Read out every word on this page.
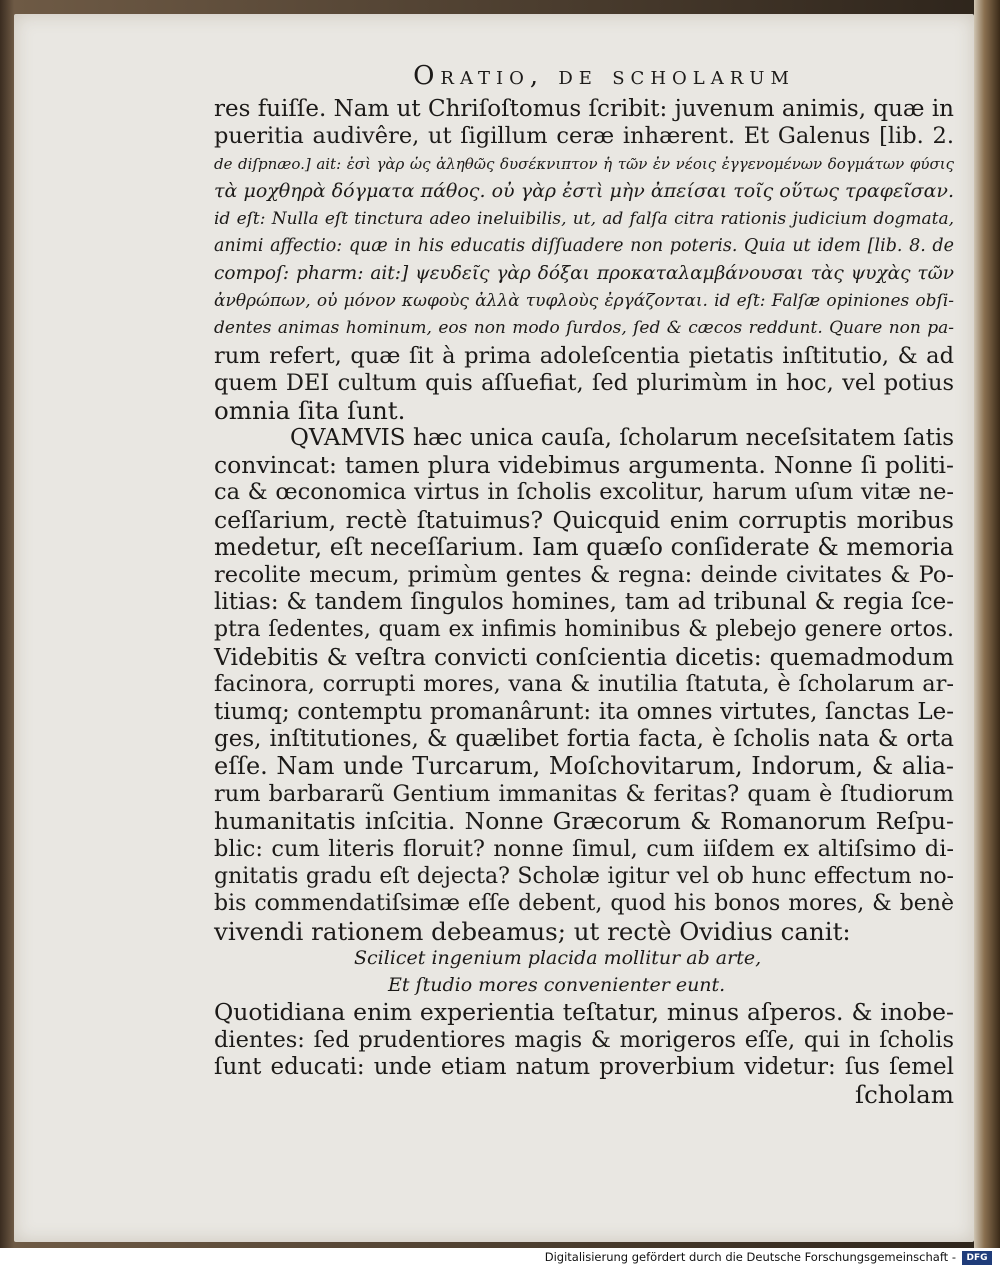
Oratio, de scholarum
res fuiſſe. Nam ut Chriſoſtomus ſcribit: juvenum animis, quæ in
pueritia audivêre, ut ſigillum ceræ inhærent. Et Galenus [lib. 2.
de diſpnæo.] ait: ἐσὶ γὰρ ὡς ἀληθῶς δυσέκνιπτον ἡ τῶν ἐν νέοις ἐγγενομένων δογμάτων φύσις
τὰ μοχθηρὰ δόγματα πάθος. οὐ γὰρ ἐστὶ μὴν ἀπείσαι τοῖς οὕτως τραφεῖσαν.
id eſt: Nulla eſt tinctura adeo ineluibilis, ut, ad falſa citra rationis judicium dogmata,
animi affectio: quæ in his educatis diſſuadere non poteris. Quia ut idem [lib. 8. de
compoſ: pharm: ait:] ψευδεῖς γὰρ δόξαι προκαταλαμβάνουσαι τὰς ψυχὰς τῶν
ἀνθρώπων, οὐ μόνον κωφοὺς ἀλλὰ τυφλοὺς ἐργάζονται. id eſt: Falſæ opiniones obſi-
dentes animas hominum, eos non modo ſurdos, ſed & cæcos reddunt. Quare non pa-
rum refert, quæ ſit à prima adoleſcentia pietatis inſtitutio, & ad
quem DEI cultum quis aſſuefiat, ſed plurimùm in hoc, vel potius
omnia ſita ſunt.
QVAMVIS hæc unica cauſa, ſcholarum neceſsitatem ſatis
convincat: tamen plura videbimus argumenta. Nonne ſi politi-
ca & œconomica virtus in ſcholis excolitur, harum uſum vitæ ne-
ceſſarium, rectè ſtatuimus? Quicquid enim corruptis moribus
medetur, eſt neceſſarium. Iam quæſo conſiderate & memoria
recolite mecum, primùm gentes & regna: deinde civitates & Po-
litias: & tandem ſingulos homines, tam ad tribunal & regia ſce-
ptra ſedentes, quam ex infimis hominibus & plebejo genere ortos.
Videbitis & veſtra convicti conſcientia dicetis: quemadmodum
facinora, corrupti mores, vana & inutilia ſtatuta, è ſcholarum ar-
tiumq; contemptu promanârunt: ita omnes virtutes, ſanctas Le-
ges, inſtitutiones, & quælibet fortia facta, è ſcholis nata & orta
eſſe. Nam unde Turcarum, Moſchovitarum, Indorum, & alia-
rum barbararũ Gentium immanitas & feritas? quam è ſtudiorum
humanitatis inſcitia. Nonne Græcorum & Romanorum Reſpu-
blic: cum literis floruit? nonne ſimul, cum iiſdem ex altiſsimo di-
gnitatis gradu eſt dejecta? Scholæ igitur vel ob hunc effectum no-
bis commendatiſsimæ eſſe debent, quod his bonos mores, & benè
vivendi rationem debeamus; ut rectè Ovidius canit:
Scilicet ingenium placida mollitur ab arte,
Et ſtudio mores convenienter eunt.
Quotidiana enim experientia teſtatur, minus aſperos. & inobe-
dientes: ſed prudentiores magis & morigeros eſſe, qui in ſcholis
ſunt educati: unde etiam natum proverbium videtur: ſus ſemel
ſcholam
Digitalisierung gefördert durch die Deutsche Forschungsgemeinschaft -	DFG
